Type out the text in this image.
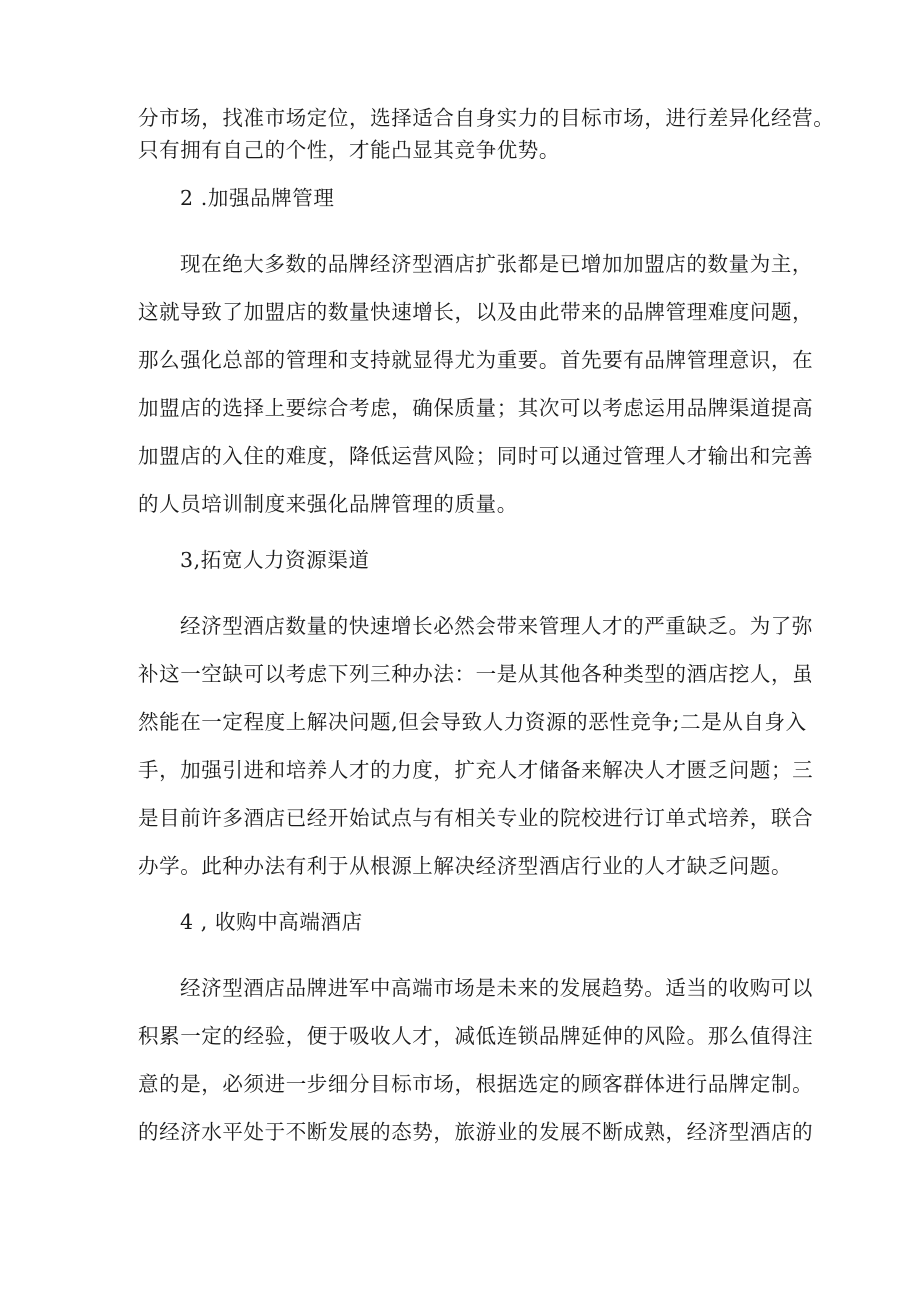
分市场，找准市场定位，选择适合自身实力的目标市场，进行差异化经营。
只有拥有自己的个性，才能凸显其竞争优势。
2 .加强品牌管理
现在绝大多数的品牌经济型酒店扩张都是已增加加盟店的数量为主，
这就导致了加盟店的数量快速增长，以及由此带来的品牌管理难度问题，
那么强化总部的管理和支持就显得尤为重要。首先要有品牌管理意识，在
加盟店的选择上要综合考虑，确保质量；其次可以考虑运用品牌渠道提高
加盟店的入住的难度，降低运营风险；同时可以通过管理人才输出和完善
的人员培训制度来强化品牌管理的质量。
3,拓宽人力资源渠道
经济型酒店数量的快速增长必然会带来管理人才的严重缺乏。为了弥
补这一空缺可以考虑下列三种办法：一是从其他各种类型的酒店挖人，虽
然能在一定程度上解决问题,但会导致人力资源的恶性竞争;二是从自身入
手，加强引进和培养人才的力度，扩充人才储备来解决人才匮乏问题；三
是目前许多酒店已经开始试点与有相关专业的院校进行订单式培养，联合
办学。此种办法有利于从根源上解决经济型酒店行业的人才缺乏问题。
4 , 收购中高端酒店
经济型酒店品牌进军中高端市场是未来的发展趋势。适当的收购可以
积累一定的经验，便于吸收人才，减低连锁品牌延伸的风险。那么值得注
意的是，必须进一步细分目标市场，根据选定的顾客群体进行品牌定制。
的经济水平处于不断发展的态势，旅游业的发展不断成熟，经济型酒店的
